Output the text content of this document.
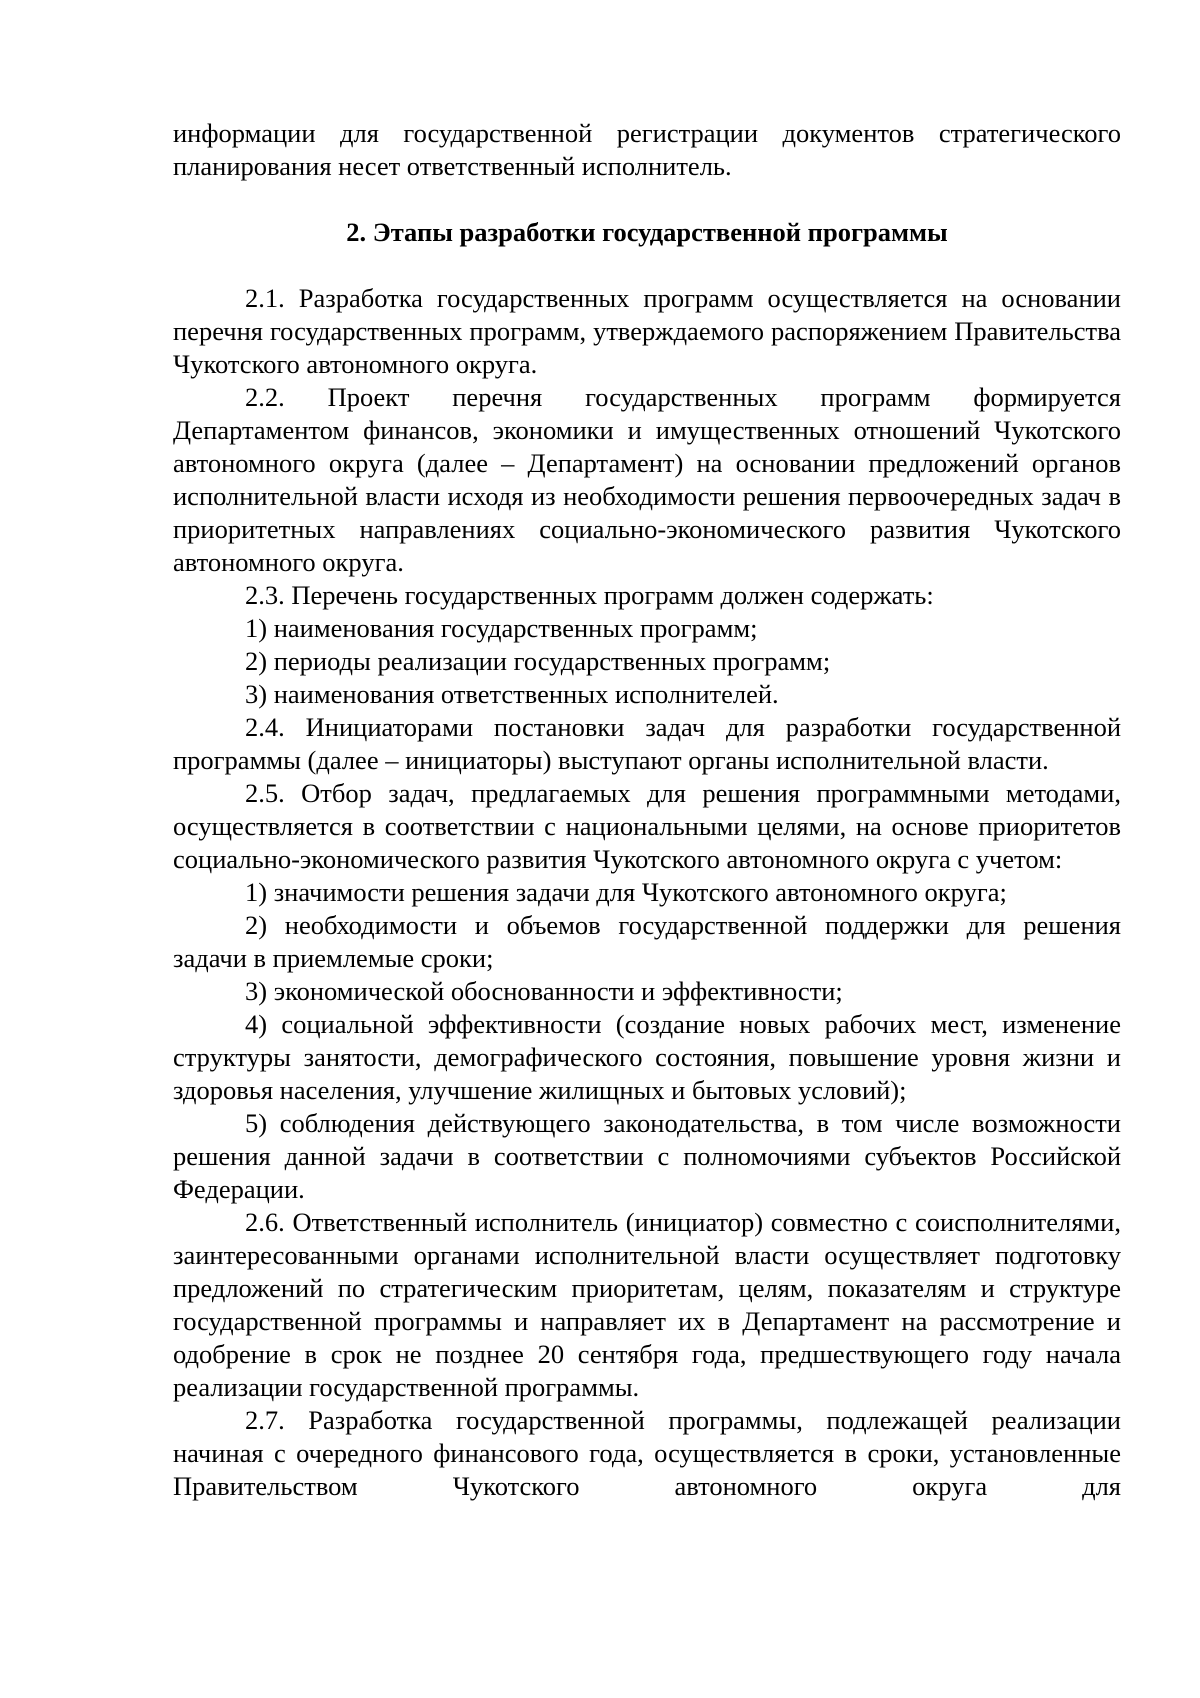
информации для государственной регистрации документов стратегического планирования несет ответственный исполнитель.

2. Этапы разработки государственной программы

2.1. Разработка государственных программ осуществляется на основании перечня государственных программ, утверждаемого распоряжением Правительства Чукотского автономного округа.

2.2. Проект перечня государственных программ формируется Департаментом финансов, экономики и имущественных отношений Чукотского автономного округа (далее – Департамент) на основании предложений органов исполнительной власти исходя из необходимости решения первоочередных задач в приоритетных направлениях социально-экономического развития Чукотского автономного округа.

2.3. Перечень государственных программ должен содержать:

1) наименования государственных программ;

2) периоды реализации государственных программ;

3) наименования ответственных исполнителей.

2.4. Инициаторами постановки задач для разработки государственной программы (далее – инициаторы) выступают органы исполнительной власти.

2.5. Отбор задач, предлагаемых для решения программными методами, осуществляется в соответствии с национальными целями, на основе приоритетов социально-экономического развития Чукотского автономного округа с учетом:

1) значимости решения задачи для Чукотского автономного округа;

2) необходимости и объемов государственной поддержки для решения задачи в приемлемые сроки;

3) экономической обоснованности и эффективности;

4) социальной эффективности (создание новых рабочих мест, изменение структуры занятости, демографического состояния, повышение уровня жизни и здоровья населения, улучшение жилищных и бытовых условий);

5) соблюдения действующего законодательства, в том числе возможности решения данной задачи в соответствии с полномочиями субъектов Российской Федерации.

2.6. Ответственный исполнитель (инициатор) совместно с соисполнителями, заинтересованными органами исполнительной власти осуществляет подготовку предложений по стратегическим приоритетам, целям, показателям и структуре государственной программы и направляет их в Департамент на рассмотрение и одобрение в срок не позднее 20 сентября года, предшествующего году начала реализации государственной программы.

2.7. Разработка государственной программы, подлежащей реализации начиная с очередного финансового года, осуществляется в сроки, установленные Правительством Чукотского автономного округа для
